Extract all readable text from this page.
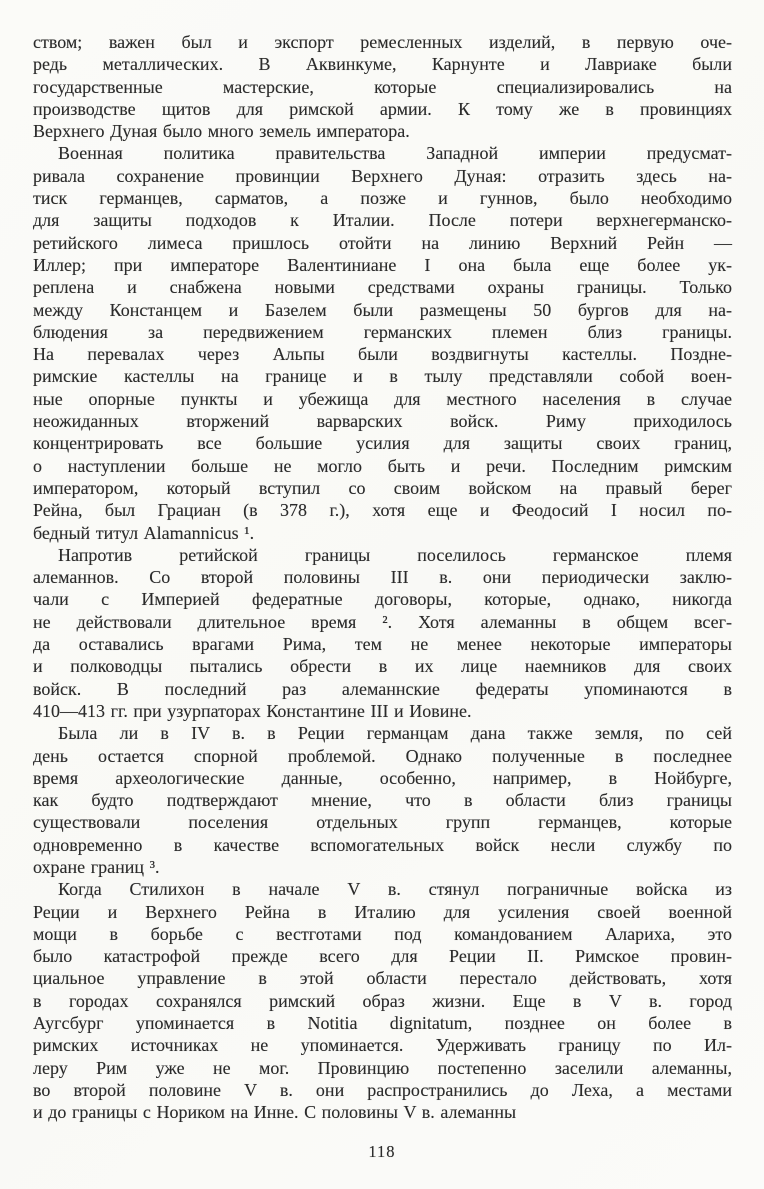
ством; важен был и экспорт ремесленных изделий, в первую оче-
редь металлических. В Аквинкуме, Карнунте и Лавриаке были
государственные мастерские, которые специализировались на
производстве щитов для римской армии. К тому же в провинциях
Верхнего Дуная было много земель императора.
Военная политика правительства Западной империи предусмат-
ривала сохранение провинции Верхнего Дуная: отразить здесь на-
тиск германцев, сарматов, а позже и гуннов, было необходимо
для защиты подходов к Италии. После потери верхнегерманско-
ретийского лимеса пришлось отойти на линию Верхний Рейн —
Иллер; при императоре Валентиниане I она была еще более ук-
реплена и снабжена новыми средствами охраны границы. Только
между Констанцем и Базелем были размещены 50 бургов для на-
блюдения за передвижением германских племен близ границы.
На перевалах через Альпы были воздвигнуты кастеллы. Поздне-
римские кастеллы на границе и в тылу представляли собой воен-
ные опорные пункты и убежища для местного населения в случае
неожиданных вторжений варварских войск. Риму приходилось
концентрировать все большие усилия для защиты своих границ,
о наступлении больше не могло быть и речи. Последним римским
императором, который вступил со своим войском на правый берег
Рейна, был Грациан (в 378 г.), хотя еще и Феодосий I носил по-
бедный титул Alamannicus ¹.
Напротив ретийской границы поселилось германское племя
алеманнов. Со второй половины III в. они периодически заклю-
чали с Империей федератные договоры, которые, однако, никогда
не действовали длительное время ². Хотя алеманны в общем всег-
да оставались врагами Рима, тем не менее некоторые императоры
и полководцы пытались обрести в их лице наемников для своих
войск. В последний раз алеманнские федераты упоминаются в
410—413 гг. при узурпаторах Константине III и Иовине.
Была ли в IV в. в Реции германцам дана также земля, по сей
день остается спорной проблемой. Однако полученные в последнее
время археологические данные, особенно, например, в Нойбурге,
как будто подтверждают мнение, что в области близ границы
существовали поселения отдельных групп германцев, которые
одновременно в качестве вспомогательных войск несли службу по
охране границ ³.
Когда Стилихон в начале V в. стянул пограничные войска из
Реции и Верхнего Рейна в Италию для усиления своей военной
мощи в борьбе с вестготами под командованием Алариха, это
было катастрофой прежде всего для Реции II. Римское провин-
циальное управление в этой области перестало действовать, хотя
в городах сохранялся римский образ жизни. Еще в V в. город
Аугсбург упоминается в Notitia dignitatum, позднее он более в
римских источниках не упоминается. Удерживать границу по Ил-
леру Рим уже не мог. Провинцию постепенно заселили алеманны,
во второй половине V в. они распространились до Леха, а местами
и до границы с Нориком на Инне. С половины V в. алеманны
118
